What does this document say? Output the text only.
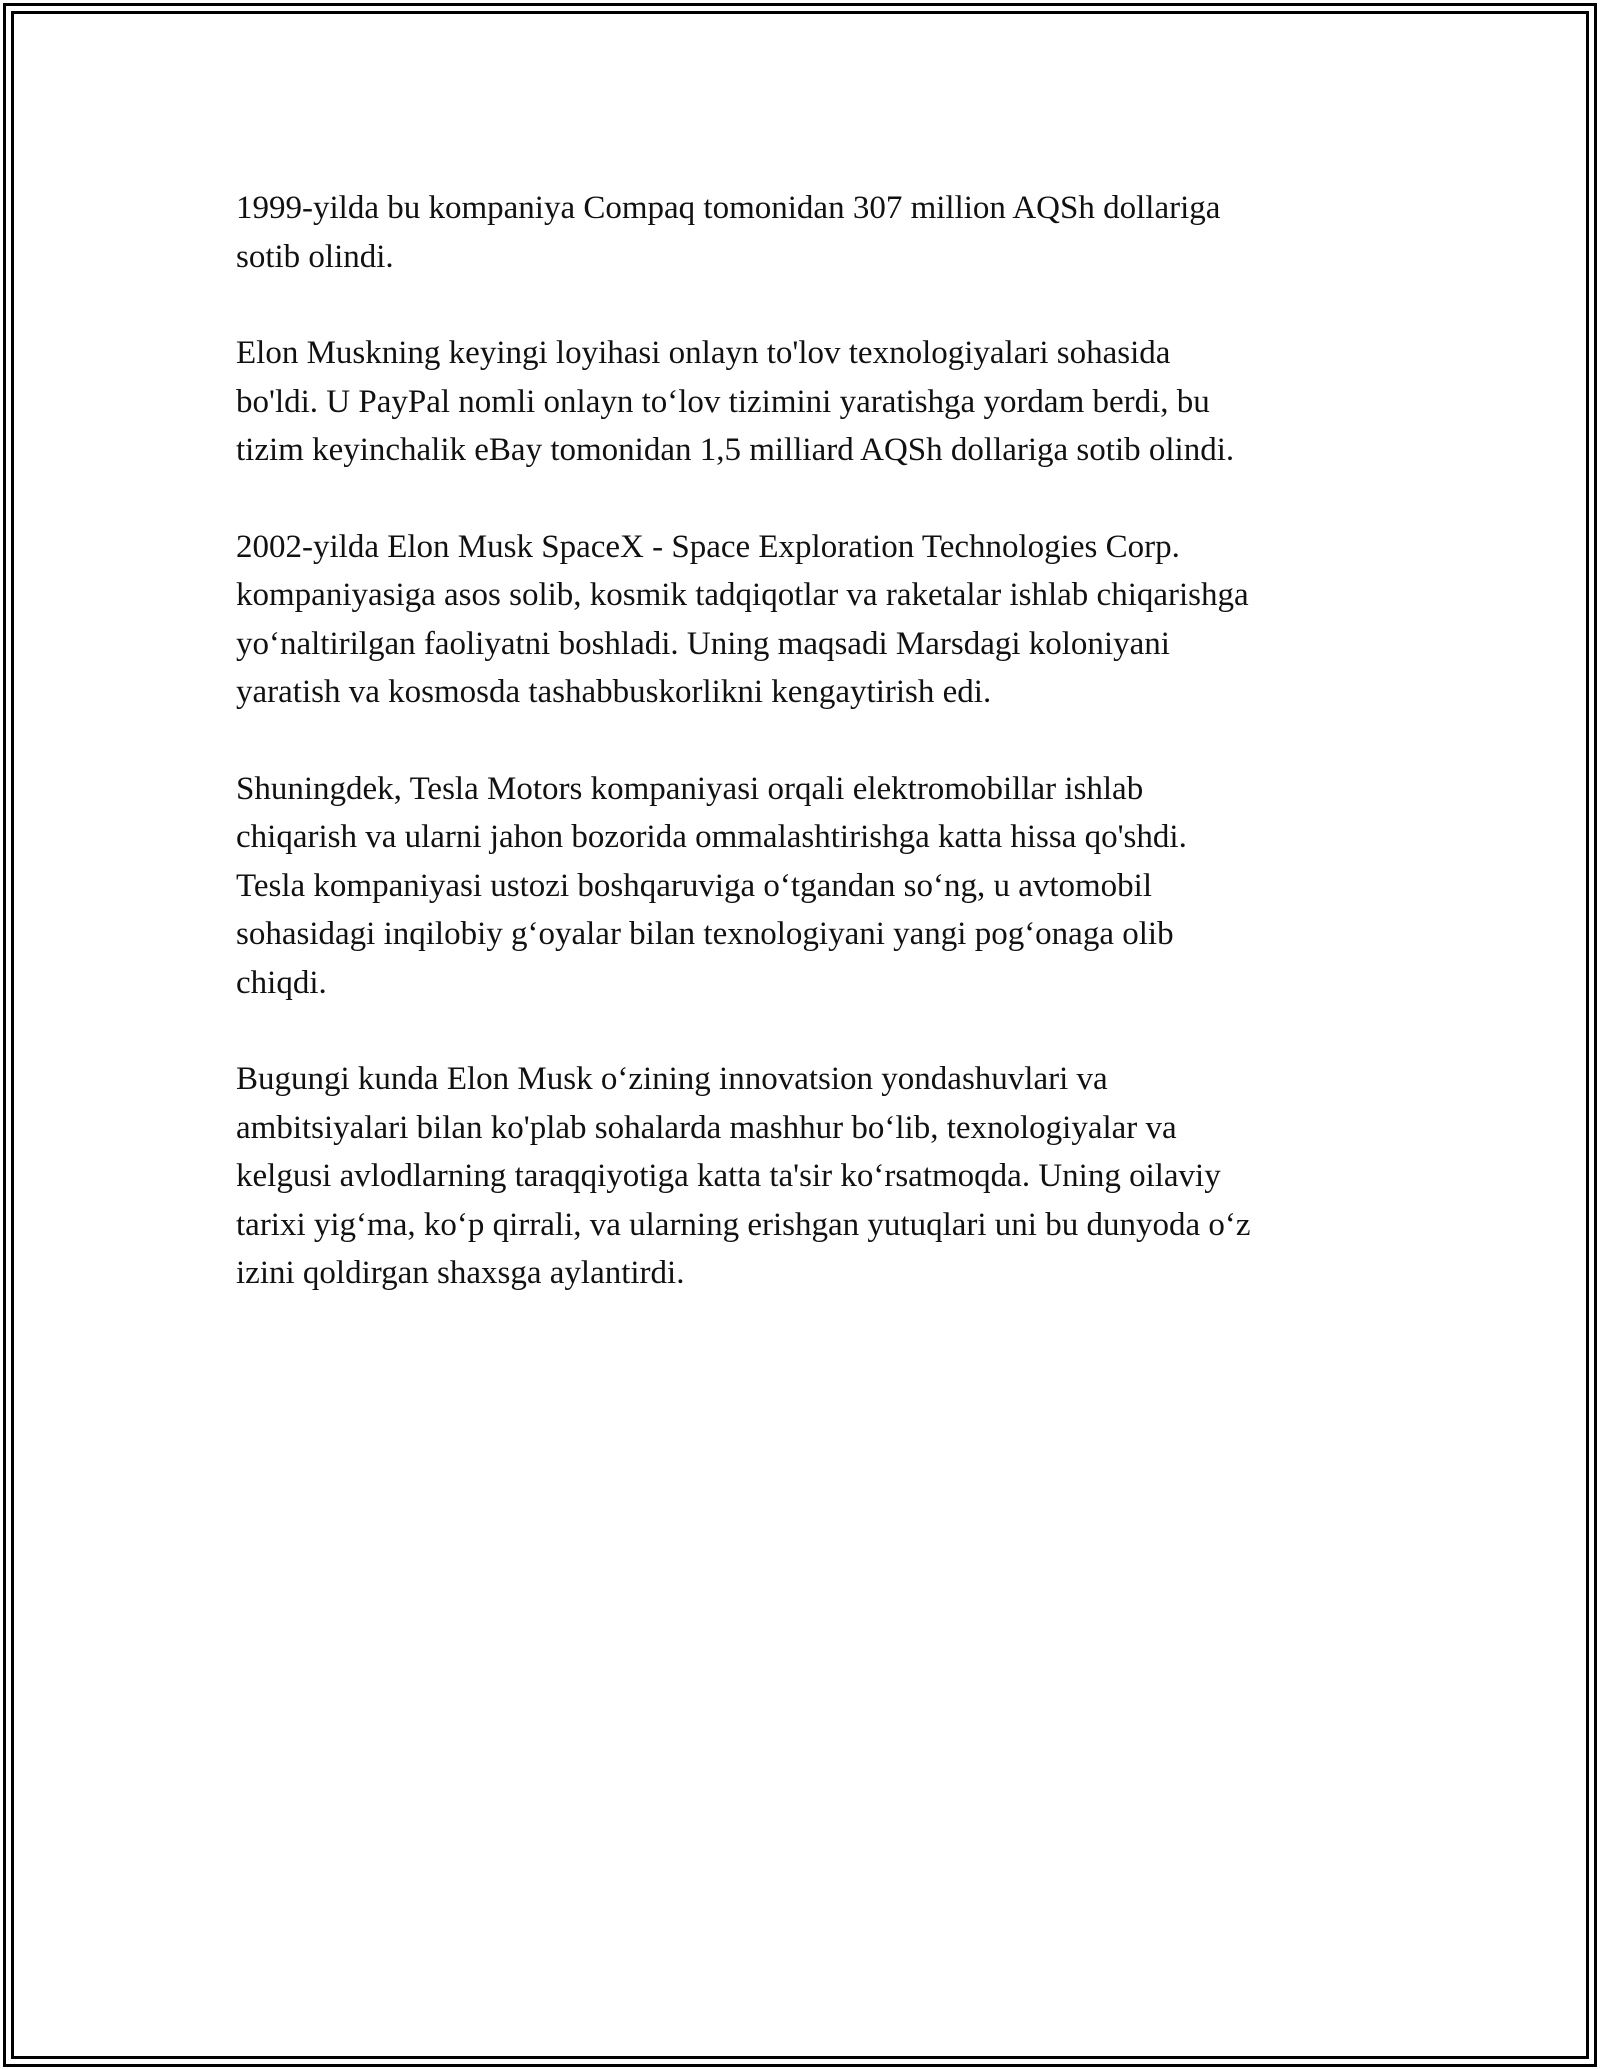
1999-yilda bu kompaniya Compaq tomonidan 307 million AQSh dollariga
sotib olindi.

Elon Muskning keyingi loyihasi onlayn to'lov texnologiyalari sohasida
bo'ldi. U PayPal nomli onlayn to‘lov tizimini yaratishga yordam berdi, bu
tizim keyinchalik eBay tomonidan 1,5 milliard AQSh dollariga sotib olindi.

2002-yilda Elon Musk SpaceX - Space Exploration Technologies Corp.
kompaniyasiga asos solib, kosmik tadqiqotlar va raketalar ishlab chiqarishga
yo‘naltirilgan faoliyatni boshladi. Uning maqsadi Marsdagi koloniyani
yaratish va kosmosda tashabbuskorlikni kengaytirish edi.

Shuningdek, Tesla Motors kompaniyasi orqali elektromobillar ishlab
chiqarish va ularni jahon bozorida ommalashtirishga katta hissa qo'shdi.
Tesla kompaniyasi ustozi boshqaruviga o‘tgandan so‘ng, u avtomobil
sohasidagi inqilobiy g‘oyalar bilan texnologiyani yangi pog‘onaga olib
chiqdi.

Bugungi kunda Elon Musk o‘zining innovatsion yondashuvlari va
ambitsiyalari bilan ko'plab sohalarda mashhur bo‘lib, texnologiyalar va
kelgusi avlodlarning taraqqiyotiga katta ta'sir ko‘rsatmoqda. Uning oilaviy
tarixi yig‘ma, ko‘p qirrali, va ularning erishgan yutuqlari uni bu dunyoda o‘z
izini qoldirgan shaxsga aylantirdi.
